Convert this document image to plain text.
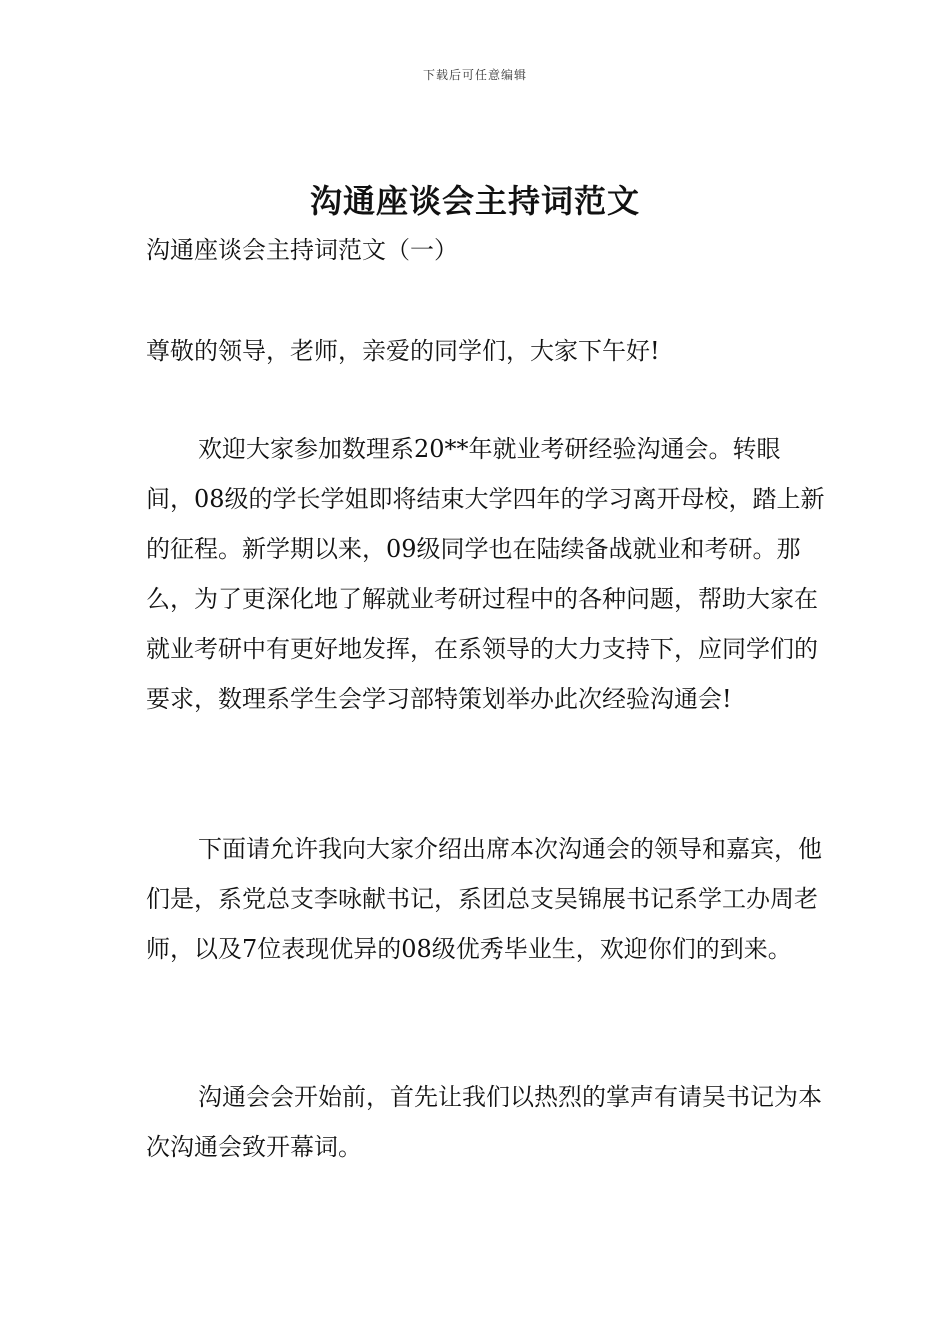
下载后可任意编辑
沟通座谈会主持词范文

沟通座谈会主持词范文（一）

尊敬的领导，老师，亲爱的同学们，大家下午好!

欢迎大家参加数理系20**年就业考研经验沟通会。转眼间，08级的学长学姐即将结束大学四年的学习离开母校，踏上新的征程。新学期以来，09级同学也在陆续备战就业和考研。那么，为了更深化地了解就业考研过程中的各种问题，帮助大家在就业考研中有更好地发挥，在系领导的大力支持下，应同学们的要求，数理系学生会学习部特策划举办此次经验沟通会!

下面请允许我向大家介绍出席本次沟通会的领导和嘉宾，他们是，系党总支李咏献书记，系团总支吴锦展书记系学工办周老师，以及7位表现优异的08级优秀毕业生，欢迎你们的到来。

沟通会会开始前，首先让我们以热烈的掌声有请吴书记为本次沟通会致开幕词。
